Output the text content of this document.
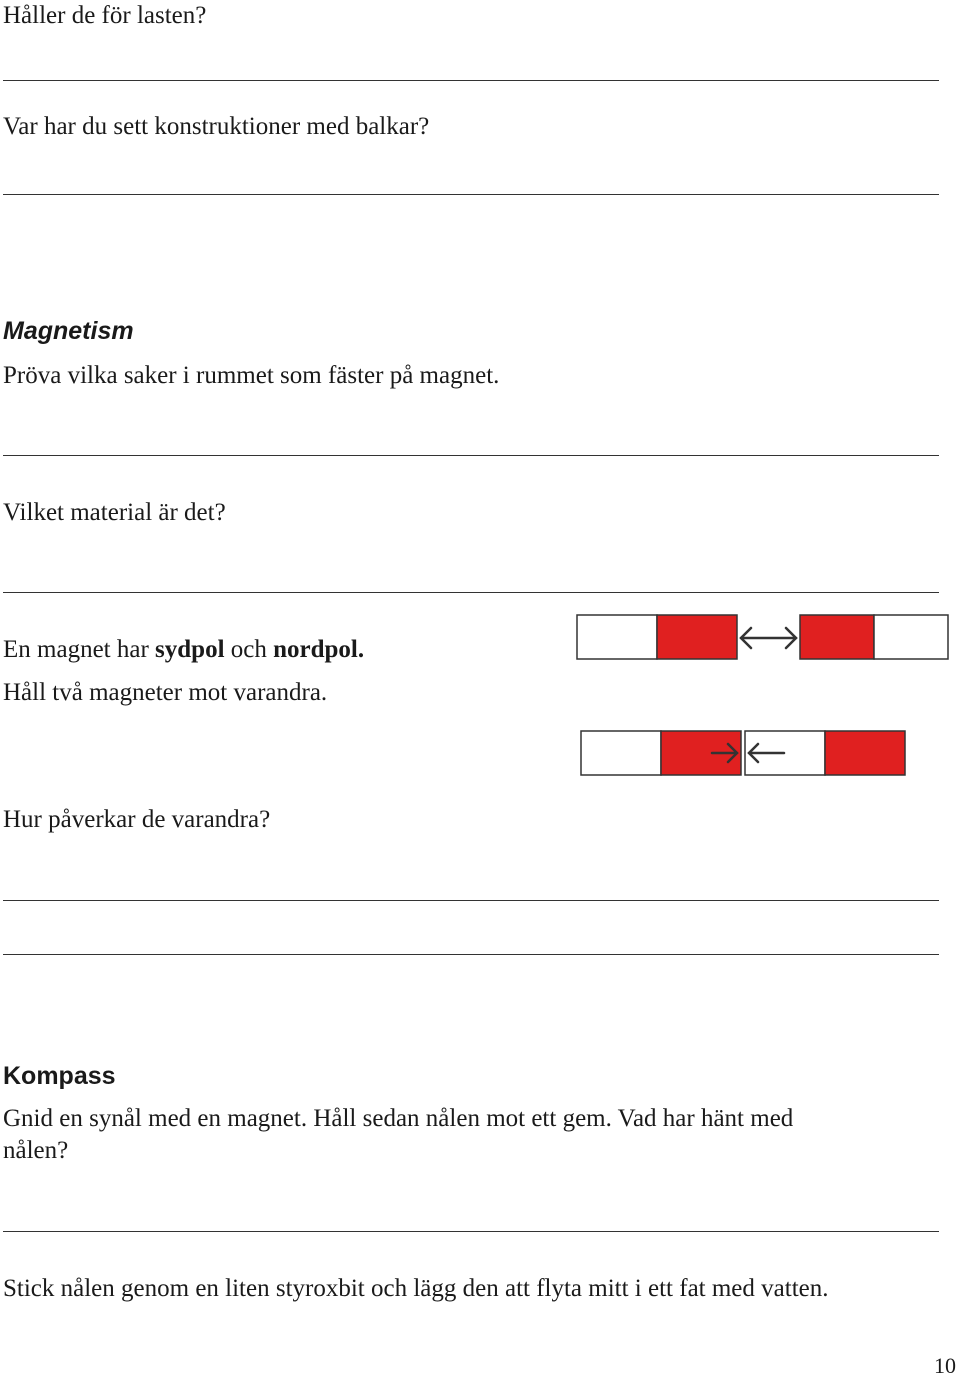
Håller de för lasten?
Var har du sett konstruktioner med balkar?
Magnetism
Pröva vilka saker i rummet som fäster på magnet.
Vilket material är det?
En magnet har sydpol och nordpol.
Håll två magneter mot varandra.
Hur påverkar de varandra?
Kompass
Gnid en synål med en magnet. Håll sedan nålen mot ett gem. Vad har hänt med
nålen?
Stick nålen genom en liten styroxbit och lägg den att flyta mitt i ett fat med vatten.
10
